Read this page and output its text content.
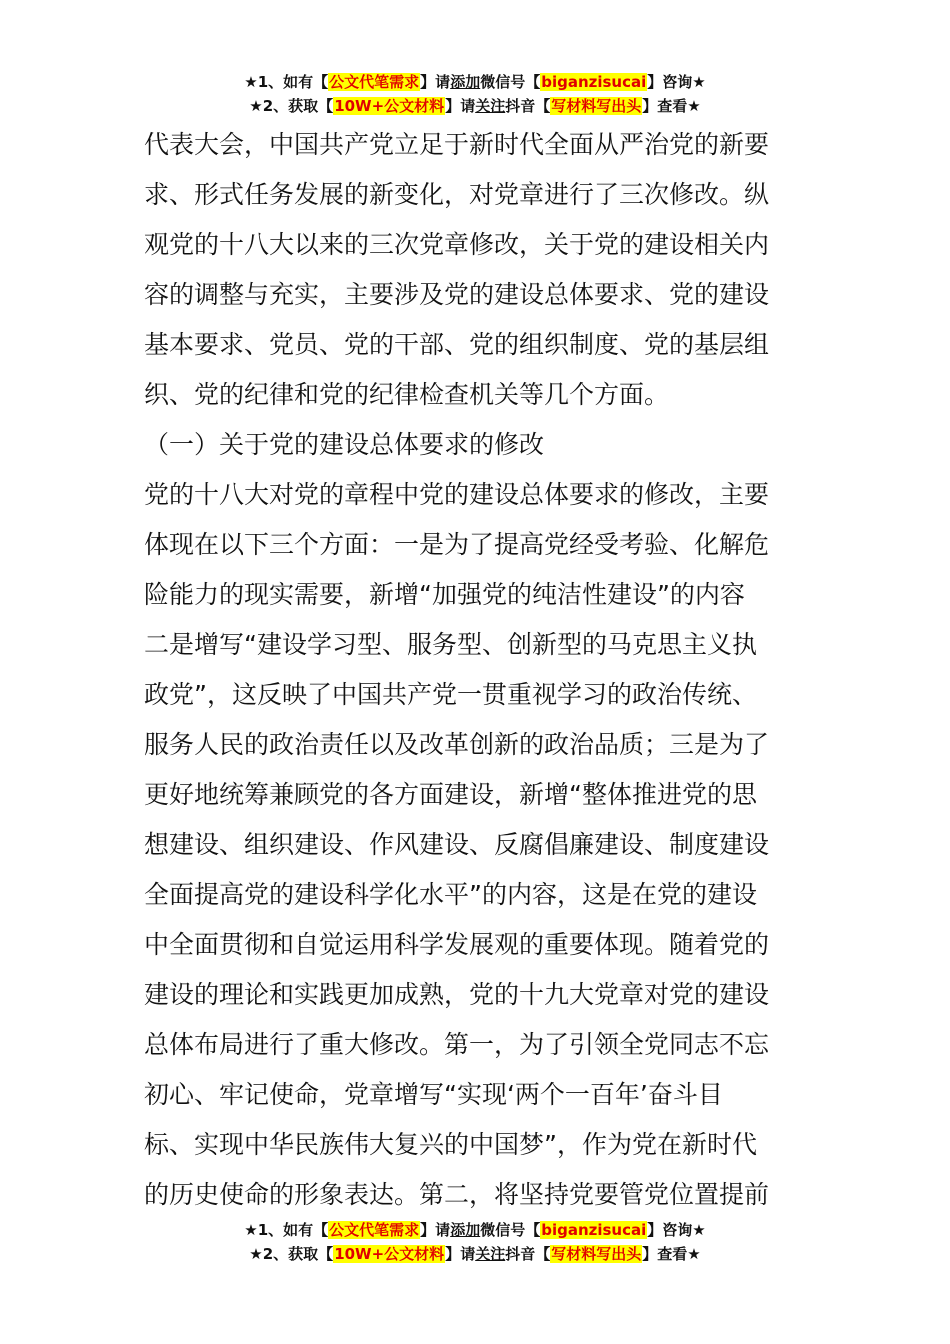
★1、如有【公文代笔需求】请添加微信号【biganzisucai】咨询★
★2、获取【10W+公文材料】请关注抖音【写材料写出头】查看★
代表大会，中国共产党立足于新时代全面从严治党的新要
求、形式任务发展的新变化，对党章进行了三次修改。纵
观党的十八大以来的三次党章修改，关于党的建设相关内
容的调整与充实，主要涉及党的建设总体要求、党的建设
基本要求、党员、党的干部、党的组织制度、党的基层组
织、党的纪律和党的纪律检查机关等几个方面。
（一）关于党的建设总体要求的修改
党的十八大对党的章程中党的建设总体要求的修改，主要
体现在以下三个方面：一是为了提高党经受考验、化解危
险能力的现实需要，新增“加强党的纯洁性建设”的内容
二是增写“建设学习型、服务型、创新型的马克思主义执
政党”，这反映了中国共产党一贯重视学习的政治传统、
服务人民的政治责任以及改革创新的政治品质；三是为了
更好地统筹兼顾党的各方面建设，新增“整体推进党的思
想建设、组织建设、作风建设、反腐倡廉建设、制度建设
全面提高党的建设科学化水平”的内容，这是在党的建设
中全面贯彻和自觉运用科学发展观的重要体现。随着党的
建设的理论和实践更加成熟，党的十九大党章对党的建设
总体布局进行了重大修改。第一，为了引领全党同志不忘
初心、牢记使命，党章增写“实现‘两个一百年’奋斗目
标、实现中华民族伟大复兴的中国梦”，作为党在新时代
的历史使命的形象表达。第二，将坚持党要管党位置提前
★1、如有【公文代笔需求】请添加微信号【biganzisucai】咨询★
★2、获取【10W+公文材料】请关注抖音【写材料写出头】查看★
